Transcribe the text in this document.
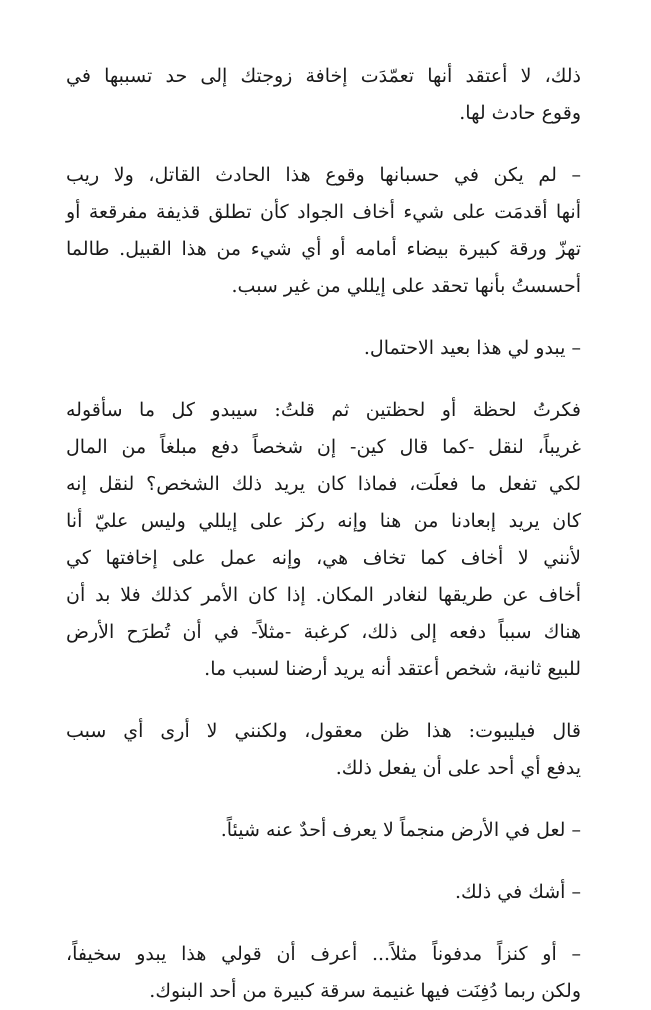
ذلك، لا أعتقد أنها تعمّدَت إخافة زوجتك إلى حد تسببها في
وقوع حادث لها.
– لم يكن في حسبانها وقوع هذا الحادث القاتل، ولا ريب
أنها أقدمَت على شيء أخاف الجواد كأن تطلق قذيفة مفرقعة أو
تهزّ ورقة كبيرة بيضاء أمامه أو أي شيء من هذا القبيل. طالما
أحسستُ بأنها تحقد على إيللي من غير سبب.
– يبدو لي هذا بعيد الاحتمال.
فكرتُ لحظة أو لحظتين ثم قلتُ: سيبدو كل ما سأقوله
غريباً، لنقل -كما قال كين- إن شخصاً دفع مبلغاً من المال
لكي تفعل ما فعلَت، فماذا كان يريد ذلك الشخص؟ لنقل إنه
كان يريد إبعادنا من هنا وإنه ركز على إيللي وليس عليّ أنا
لأنني لا أخاف كما تخاف هي، وإنه عمل على إخافتها كي
أخاف عن طريقها لنغادر المكان. إذا كان الأمر كذلك فلا بد أن
هناك سبباً دفعه إلى ذلك، كرغبة -مثلاً- في أن تُطرَح الأرض
للبيع ثانية، شخص أعتقد أنه يريد أرضنا لسبب ما.
قال فيليبوت: هذا ظن معقول، ولكنني لا أرى أي سبب
يدفع أي أحد على أن يفعل ذلك.
– لعل في الأرض منجماً لا يعرف أحدٌ عنه شيئاً.
– أشك في ذلك.
– أو كنزاً مدفوناً مثلاً... أعرف أن قولي هذا يبدو سخيفاً،
ولكن ربما دُفِنَت فيها غنيمة سرقة كبيرة من أحد البنوك.
